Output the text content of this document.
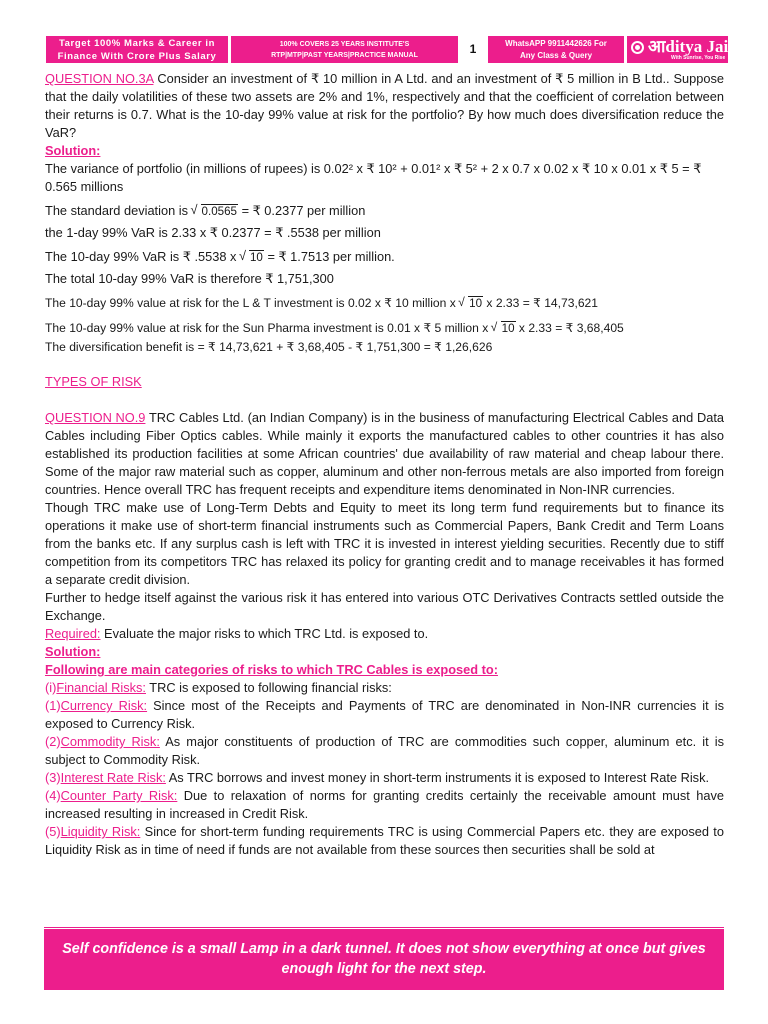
Target 100% Marks & Career in
Finance With Crore Plus Salary
100% COVERS 25 YEARS INSTITUTE'S
RTP|MTP|PAST YEARS|PRACTICE MANUAL	1	WhatsAPP 9911442626 For
Any Class & Query	आditya Jain
With Sunrise, You Rise

QUESTION NO.3A Consider an investment of ₹ 10 million in A Ltd. and an investment of ₹ 5 million in B Ltd.. Suppose that the daily volatilities of these two assets are 2% and 1%, respectively and that the coefficient of correlation between their returns is 0.7. What is the 10-day 99% value at risk for the portfolio? By how much does diversification reduce the VaR?

Solution:

The variance of portfolio (in millions of rupees) is 0.02² x ₹ 10² + 0.01² x ₹ 5² + 2 x 0.7 x 0.02 x ₹ 10 x 0.01 x ₹ 5 = ₹ 0.565 millions

The standard deviation is √ 0.0565 = ₹ 0.2377 per million

the 1-day 99% VaR is 2.33 x ₹ 0.2377 = ₹ .5538 per million

The 10-day 99% VaR is ₹ .5538 x √ 10 = ₹ 1.7513 per million.

The total 10-day 99% VaR is therefore ₹ 1,751,300

The 10-day 99% value at risk for the L & T investment is 0.02 x ₹ 10 million x √ 10 x 2.33 = ₹ 14,73,621

The 10-day 99% value at risk for the Sun Pharma investment is 0.01 x ₹ 5 million x √ 10 x 2.33 = ₹ 3,68,405

The diversification benefit is = ₹ 14,73,621 + ₹ 3,68,405 - ₹ 1,751,300 = ₹ 1,26,626

TYPES OF RISK

QUESTION NO.9 TRC Cables Ltd. (an Indian Company) is in the business of manufacturing Electrical Cables and Data Cables including Fiber Optics cables. While mainly it exports the manufactured cables to other countries it has also established its production facilities at some African countries' due availability of raw material and cheap labour there. Some of the major raw material such as copper, aluminum and other non-ferrous metals are also imported from foreign countries. Hence overall TRC has frequent receipts and expenditure items denominated in Non-INR currencies.

Though TRC make use of Long-Term Debts and Equity to meet its long term fund requirements but to finance its operations it make use of short-term financial instruments such as Commercial Papers, Bank Credit and Term Loans from the banks etc. If any surplus cash is left with TRC it is invested in interest yielding securities. Recently due to stiff competition from its competitors TRC has relaxed its policy for granting credit and to manage receivables it has formed a separate credit division.

Further to hedge itself against the various risk it has entered into various OTC Derivatives Contracts settled outside the Exchange.

Required: Evaluate the major risks to which TRC Ltd. is exposed to.

Solution:

Following are main categories of risks to which TRC Cables is exposed to:

(i)Financial Risks: TRC is exposed to following financial risks:

(1)Currency Risk: Since most of the Receipts and Payments of TRC are denominated in Non-INR currencies it is exposed to Currency Risk.

(2)Commodity Risk: As major constituents of production of TRC are commodities such copper, aluminum etc. it is subject to Commodity Risk.

(3)Interest Rate Risk: As TRC borrows and invest money in short-term instruments it is exposed to Interest Rate Risk.

(4)Counter Party Risk: Due to relaxation of norms for granting credits certainly the receivable amount must have increased resulting in increased in Credit Risk.

(5)Liquidity Risk: Since for short-term funding requirements TRC is using Commercial Papers etc. they are exposed to Liquidity Risk as in time of need if funds are not available from these sources then securities shall be sold at

Self confidence is a small Lamp in a dark tunnel. It does not show everything at once but gives
enough light for the next step.
